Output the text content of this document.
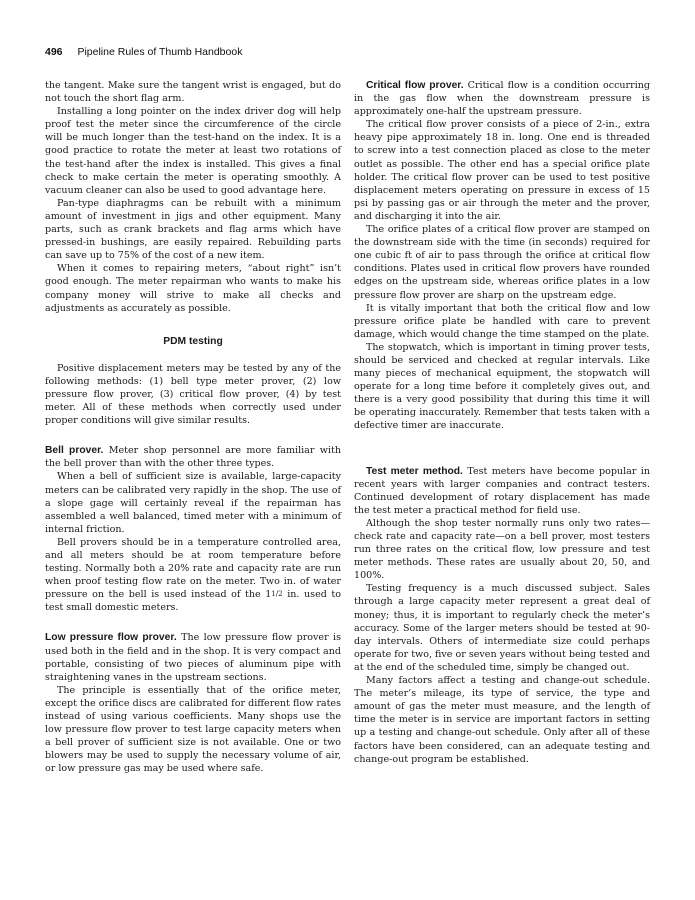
496 Pipeline Rules of Thumb Handbook

the tangent. Make sure the tangent wrist is engaged, but do not touch the short flag arm.

Installing a long pointer on the index driver dog will help proof test the meter since the circumference of the circle will be much longer than the test-hand on the index. It is a good practice to rotate the meter at least two rotations of the test-hand after the index is installed. This gives a final check to make certain the meter is operating smoothly. A vacuum cleaner can also be used to good advantage here.

Pan-type diaphragms can be rebuilt with a minimum amount of investment in jigs and other equipment. Many parts, such as crank brackets and flag arms which have pressed-in bushings, are easily repaired. Rebuilding parts can save up to 75% of the cost of a new item.

When it comes to repairing meters, “about right” isn’t good enough. The meter repairman who wants to make his company money will strive to make all checks and adjustments as accurately as possible.

PDM testing

Positive displacement meters may be tested by any of the following methods: (1) bell type meter prover, (2) low pressure flow prover, (3) critical flow prover, (4) by test meter. All of these methods when correctly used under proper conditions will give similar results.

Bell prover. Meter shop personnel are more familiar with the bell prover than with the other three types.

When a bell of sufficient size is available, large-capacity meters can be calibrated very rapidly in the shop. The use of a slope gage will certainly reveal if the repairman has assembled a well balanced, timed meter with a minimum of internal friction.

Bell provers should be in a temperature controlled area, and all meters should be at room temperature before testing. Normally both a 20% rate and capacity rate are run when proof testing flow rate on the meter. Two in. of water pressure on the bell is used instead of the 11/2 in. used to test small domestic meters.

Low pressure flow prover. The low pressure flow prover is used both in the field and in the shop. It is very compact and portable, consisting of two pieces of aluminum pipe with straightening vanes in the upstream sections.

The principle is essentially that of the orifice meter, except the orifice discs are calibrated for different flow rates instead of using various coefficients. Many shops use the low pressure flow prover to test large capacity meters when a bell prover of sufficient size is not available. One or two blowers may be used to supply the necessary volume of air, or low pressure gas may be used where safe.

Critical flow prover. Critical flow is a condition occurring in the gas flow when the downstream pressure is approximately one-half the upstream pressure.

The critical flow prover consists of a piece of 2-in., extra heavy pipe approximately 18 in. long. One end is threaded to screw into a test connection placed as close to the meter outlet as possible. The other end has a special orifice plate holder. The critical flow prover can be used to test positive displacement meters operating on pressure in excess of 15 psi by passing gas or air through the meter and the prover, and discharging it into the air.

The orifice plates of a critical flow prover are stamped on the downstream side with the time (in seconds) required for one cubic ft of air to pass through the orifice at critical flow conditions. Plates used in critical flow provers have rounded edges on the upstream side, whereas orifice plates in a low pressure flow prover are sharp on the upstream edge.

It is vitally important that both the critical flow and low pressure orifice plate be handled with care to prevent damage, which would change the time stamped on the plate.

The stopwatch, which is important in timing prover tests, should be serviced and checked at regular intervals. Like many pieces of mechanical equipment, the stopwatch will operate for a long time before it completely gives out, and there is a very good possibility that during this time it will be operating inaccurately. Remember that tests taken with a defective timer are inaccurate.

Test meter method. Test meters have become popular in recent years with larger companies and contract testers. Continued development of rotary displacement has made the test meter a practical method for field use.

Although the shop tester normally runs only two rates—check rate and capacity rate—on a bell prover, most testers run three rates on the critical flow, low pressure and test meter methods. These rates are usually about 20, 50, and 100%.

Testing frequency is a much discussed subject. Sales through a large capacity meter represent a great deal of money; thus, it is important to regularly check the meter’s accuracy. Some of the larger meters should be tested at 90-day intervals. Others of intermediate size could perhaps operate for two, five or seven years without being tested and at the end of the scheduled time, simply be changed out.

Many factors affect a testing and change-out schedule. The meter’s mileage, its type of service, the type and amount of gas the meter must measure, and the length of time the meter is in service are important factors in setting up a testing and change-out schedule. Only after all of these factors have been considered, can an adequate testing and change-out program be established.
